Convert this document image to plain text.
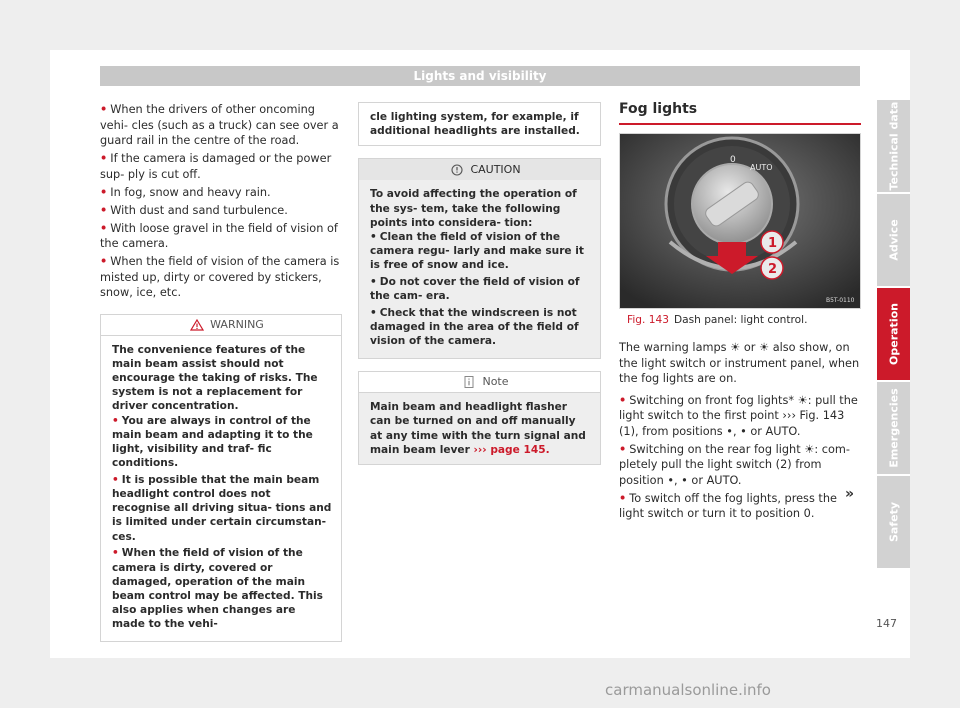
Lights and visibility
• When the drivers of other oncoming vehi- cles (such as a truck) can see over a guard rail in the centre of the road.
• If the camera is damaged or the power sup- ply is cut off.
• In fog, snow and heavy rain.
• With dust and sand turbulence.
• With loose gravel in the field of vision of the camera.
• When the field of vision of the camera is misted up, dirty or covered by stickers, snow, ice, etc.
WARNING
The convenience features of the main beam assist should not encourage the taking of risks. The system is not a replacement for driver concentration.
• You are always in control of the main beam and adapting it to the light, visibility and traf- fic conditions.
• It is possible that the main beam headlight control does not recognise all driving situa- tions and is limited under certain circumstan- ces.
• When the field of vision of the camera is dirty, covered or damaged, operation of the main beam control may be affected. This also applies when changes are made to the vehi-
cle lighting system, for example, if additional headlights are installed.
CAUTION
To avoid affecting the operation of the sys- tem, take the following points into considera- tion:
• Clean the field of vision of the camera regu- larly and make sure it is free of snow and ice.
• Do not cover the field of vision of the cam- era.
• Check that the windscreen is not damaged in the area of the field of vision of the camera.
Note
Main beam and headlight flasher can be turned on and off manually at any time with the turn signal and main beam lever ››› page 145.
Fog lights
0
AUTO
1
2
B5T-0110
Fig. 143 Dash panel: light control.
The warning lamps ☀ or ☀ also show, on the light switch or instrument panel, when the fog lights are on.
• Switching on front fog lights* ☀: pull the light switch to the first point ››› Fig. 143 (1), from positions •, • or AUTO.
• Switching on the rear fog light ☀: com- pletely pull the light switch (2) from position •, • or AUTO.
• To switch off the fog lights, press the light switch or turn it to position 0.
»
Technical data
Advice
Operation
Emergencies
Safety
147
carmanualsonline.info
